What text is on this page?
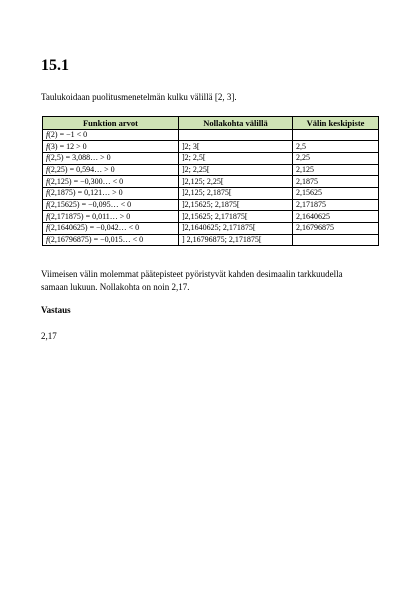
15.1

Taulukoidaan puolitusmenetelmän kulku välillä [2, 3].

Funktion arvot	Nollakohta välillä	Välin keskipiste
f(2) = −1 < 0		
f(3) = 12 > 0	]2; 3[	2,5
f(2,5) = 3,088… > 0	]2; 2,5[	2,25
f(2,25) = 0,594… > 0	]2; 2,25[	2,125
f(2,125) = −0,300… < 0	]2,125; 2,25[	2,1875
f(2,1875) = 0,121… > 0	]2,125; 2,1875[	2,15625
f(2,15625) = −0,095… < 0	]2,15625; 2,1875[	2,171875
f(2,171875) = 0,011… > 0	]2,15625; 2,171875[	2,1640625
f(2,1640625) = −0,042… < 0	]2,1640625; 2,171875[	2,16796875
f(2,16796875) = −0,015… < 0	] 2,16796875; 2,171875[	

Viimeisen välin molemmat päätepisteet pyöristyvät kahden desimaalin tarkkuudella samaan lukuun. Nollakohta on noin 2,17.

Vastaus

2,17
